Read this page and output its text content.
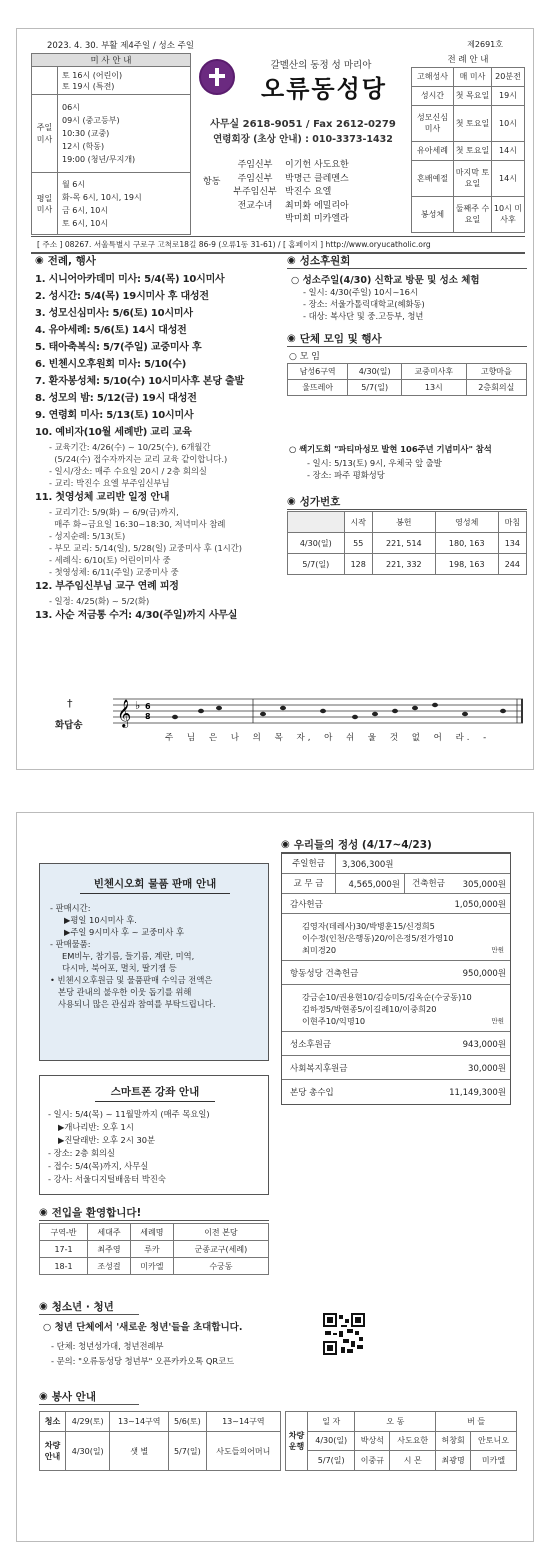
2023. 4. 30. 부활 제4주일 / 성소 주일	제2691호
미 사 안 내	

	토 16시 (어린이)
토 19시 (특전)

주일 미사	06시
09시 (중고등부)
10:30 (교중)
12시 (학동)
19:00 (청년/무지개)

평일 미사	월 6시
화-목 6시, 10시, 19시
금 6시, 10시
토 6시, 10시
갈멜산의 동정 성 마리아
오류동성당
사무실 2618-9051 / Fax 2612-0279
연령회장 (초상 안내) : 010-3373-1432
항동
주임신부	이기헌 사도요한
주임신부	박명근 클레멘스
부주임신부 박진수 요엘
전교수녀	최미화 에밀리아
박미희 미카엘라
전 례 안 내
고해성사	매 미사	20분전
성시간	첫 목요일	19시
성모신심 미사	첫 토요일	10시
유아세례	첫 토요일	14시
혼배예절	마지막 토요일	14시
봉성체	둘째주 수요일	10시 미사후
[ 주소 ] 08267. 서울특별시 구로구 고척로18길 86-9 (오류1동 31-61) / [ 홈페이지 ] http://www.oryucatholic.org
◉ 전례, 행사
1. 시니어아카데미 미사: 5/4(목) 10시미사
2. 성시간: 5/4(목) 19시미사 후 대성전
3. 성모신심미사: 5/6(토) 10시미사
4. 유아세례: 5/6(토) 14시 대성전
5. 태아축복식: 5/7(주일) 교중미사 후
6. 빈첸시오후원회 미사: 5/10(수)
7. 환자봉성체: 5/10(수) 10시미사후 본당 출발
8. 성모의 밤: 5/12(금) 19시 대성전
9. 연령회 미사: 5/13(토) 10시미사
10. 예비자(10월 세례반) 교리 교육
- 교육기간: 4/26(수) ~ 10/25(수), 6개월간
(5/24(수) 접수자까지는 교리 교육 같이합니다.)
- 일시/장소: 매주 수요일 20시 / 2층 회의실
- 교리: 박진수 요엘 부주임신부님
11. 첫영성체 교리반 일정 안내
- 교리기간: 5/9(화) ~ 6/9(금)까지,
매주 화~금요일 16:30~18:30, 저녁미사 참례
- 성지순례: 5/13(토)
- 부모 교리: 5/14(일), 5/28(일) 교중미사 후 (1시간)
- 세례식: 6/10(토) 어린이미사 중
- 첫영성체: 6/11(주일) 교중미사 중
12. 부주임신부님 교구 연례 피정
- 일정: 4/25(화) ~ 5/2(화)
13. 사순 저금통 수거: 4/30(주일)까지 사무실
◉ 성소후원회
○ 성소주일(4/30) 신학교 방문 및 성소 체험
- 일시: 4/30(주일) 10시~16시
- 장소: 서울가톨릭대학교(혜화동)
- 대상: 복사단 및 중.고등부, 청년
◉ 단체 모임 및 행사
○ 모 임
남성6구역	4/30(일)	교중미사후	고향마을
울뜨레아	5/7(일)	13시	2층회의실
○ 쌕기도회 "파티마성모 발현 106주년 기념미사" 참석
- 일시: 5/13(토) 9시, 우체국 앞 출발
- 장소: 파주 평화성당
◉ 성가번호
	시작	봉헌	영성체	마침
4/30(일)	55	221, 514	180, 163	134
5/7(일)	128	221, 332	198, 163	244
†
화답송 𝄞 ♭ 6
8
주 님 은 나 의 목 자, 아 쉬 울 것 없 어 라. -
빈첸시오회 물품 판매 안내
- 판매시간:
▶평일 10시미사 후.
▶주일 9시미사 후 ~ 교중미사 후
- 판매물품:
EM비누, 참기름, 들기름, 계란, 미역,
다시마, 북어포, 멸치, 딸기잼 등
• 빈첸시오후원금 및 물품판매 수익금 전액은
본당 관내의 불우한 이웃 돕기를 위해
사용되니 많은 관심과 참여를 부탁드립니다.
스마트폰 강좌 안내
- 일시: 5/4(목) ~ 11월말까지 (매주 목요일)
▶개나리반: 오후 1시
▶진달래반: 오후 2시 30분
- 장소: 2층 회의실
- 접수: 5/4(목)까지, 사무실
- 강사: 서울디지털배움터 박진숙
◉ 전입을 환영합니다!
구역-반	세대주	세례명	이전 본당
17-1	최주영	루카	군종교구(세례)
18-1	조성걸	미카엘	수궁동
◉ 우리들의 정성 (4/17~4/23)
주일헌금	3,306,300원
교 무 금	4,565,000원	건축헌금	305,000원
감사헌금	1,050,000원
김영자(데레사)30/박병훈15/신경희5
이수정(인천/은행동)20/이은정5/전가영10
최미경20	만원
항동성당 건축헌금	950,000원
강금순10/권용현10/김승미5/김옥순(수궁동)10
김하정5/박현종5/이길례10/이중희20
이현주10/익명10	만원
성소후원금	943,000원
사회복지후원금	30,000원
본당 총수입	11,149,300원
◉ 청소년 · 청년
○ 청년 단체에서 '새로운 청년'들을 초대합니다.
- 단체: 청년성가대, 청년전례부
- 문의: "오류동성당 청년부" 오픈카카오톡 QR코드
◉ 봉사 안내
청소	4/29(토)	13~14구역	5/6(토)	13~14구역
차량 안내	4/30(일)	샛 별	5/7(일)	사도들의어머니
차량 운행	일 자	오 동		버 들	
	4/30(일)	박상석	사도요한	허창회	안토니오
	5/7(일)	이중규	시 몬	최광명	미카엘
